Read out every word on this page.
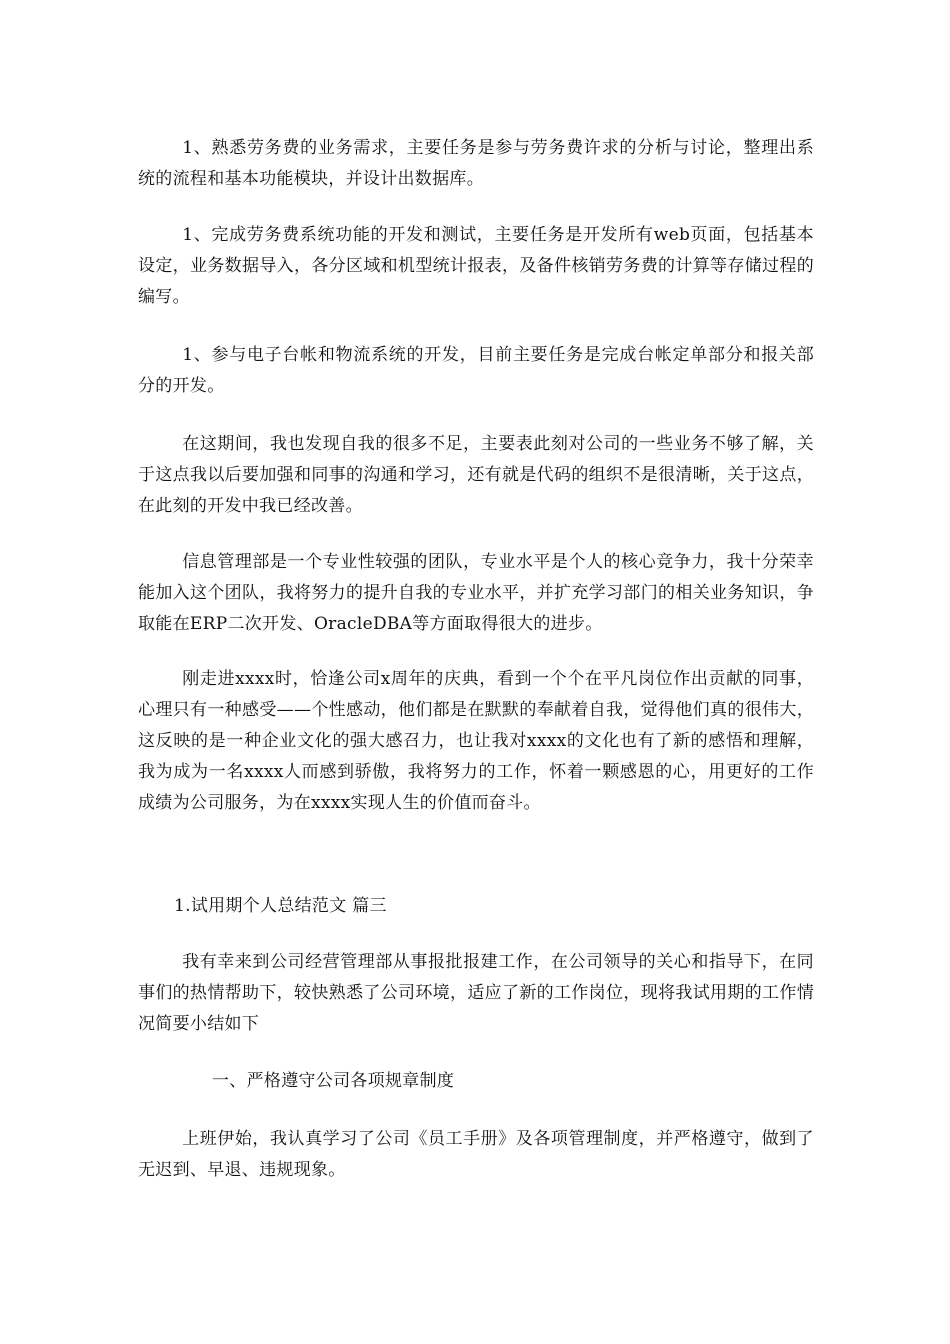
1、熟悉劳务费的业务需求，主要任务是参与劳务费许求的分析与讨论，整理出系统的流程和基本功能模块，并设计出数据库。

1、完成劳务费系统功能的开发和测试，主要任务是开发所有web页面，包括基本设定，业务数据导入，各分区域和机型统计报表，及备件核销劳务费的计算等存储过程的编写。

1、参与电子台帐和物流系统的开发，目前主要任务是完成台帐定单部分和报关部分的开发。

在这期间，我也发现自我的很多不足，主要表此刻对公司的一些业务不够了解，关于这点我以后要加强和同事的沟通和学习，还有就是代码的组织不是很清晰，关于这点，在此刻的开发中我已经改善。

信息管理部是一个专业性较强的团队，专业水平是个人的核心竞争力，我十分荣幸能加入这个团队，我将努力的提升自我的专业水平，并扩充学习部门的相关业务知识，争取能在ERP二次开发、OracleDBA等方面取得很大的进步。

刚走进xxxx时，恰逢公司x周年的庆典，看到一个个在平凡岗位作出贡献的同事，心理只有一种感受——个性感动，他们都是在默默的奉献着自我，觉得他们真的很伟大，这反映的是一种企业文化的强大感召力，也让我对xxxx的文化也有了新的感悟和理解，我为成为一名xxxx人而感到骄傲，我将努力的工作，怀着一颗感恩的心，用更好的工作成绩为公司服务，为在xxxx实现人生的价值而奋斗。

1.试用期个人总结范文 篇三

我有幸来到公司经营管理部从事报批报建工作，在公司领导的关心和指导下，在同事们的热情帮助下，较快熟悉了公司环境，适应了新的工作岗位，现将我试用期的工作情况简要小结如下

一、严格遵守公司各项规章制度

上班伊始，我认真学习了公司《员工手册》及各项管理制度，并严格遵守，做到了无迟到、早退、违规现象。
